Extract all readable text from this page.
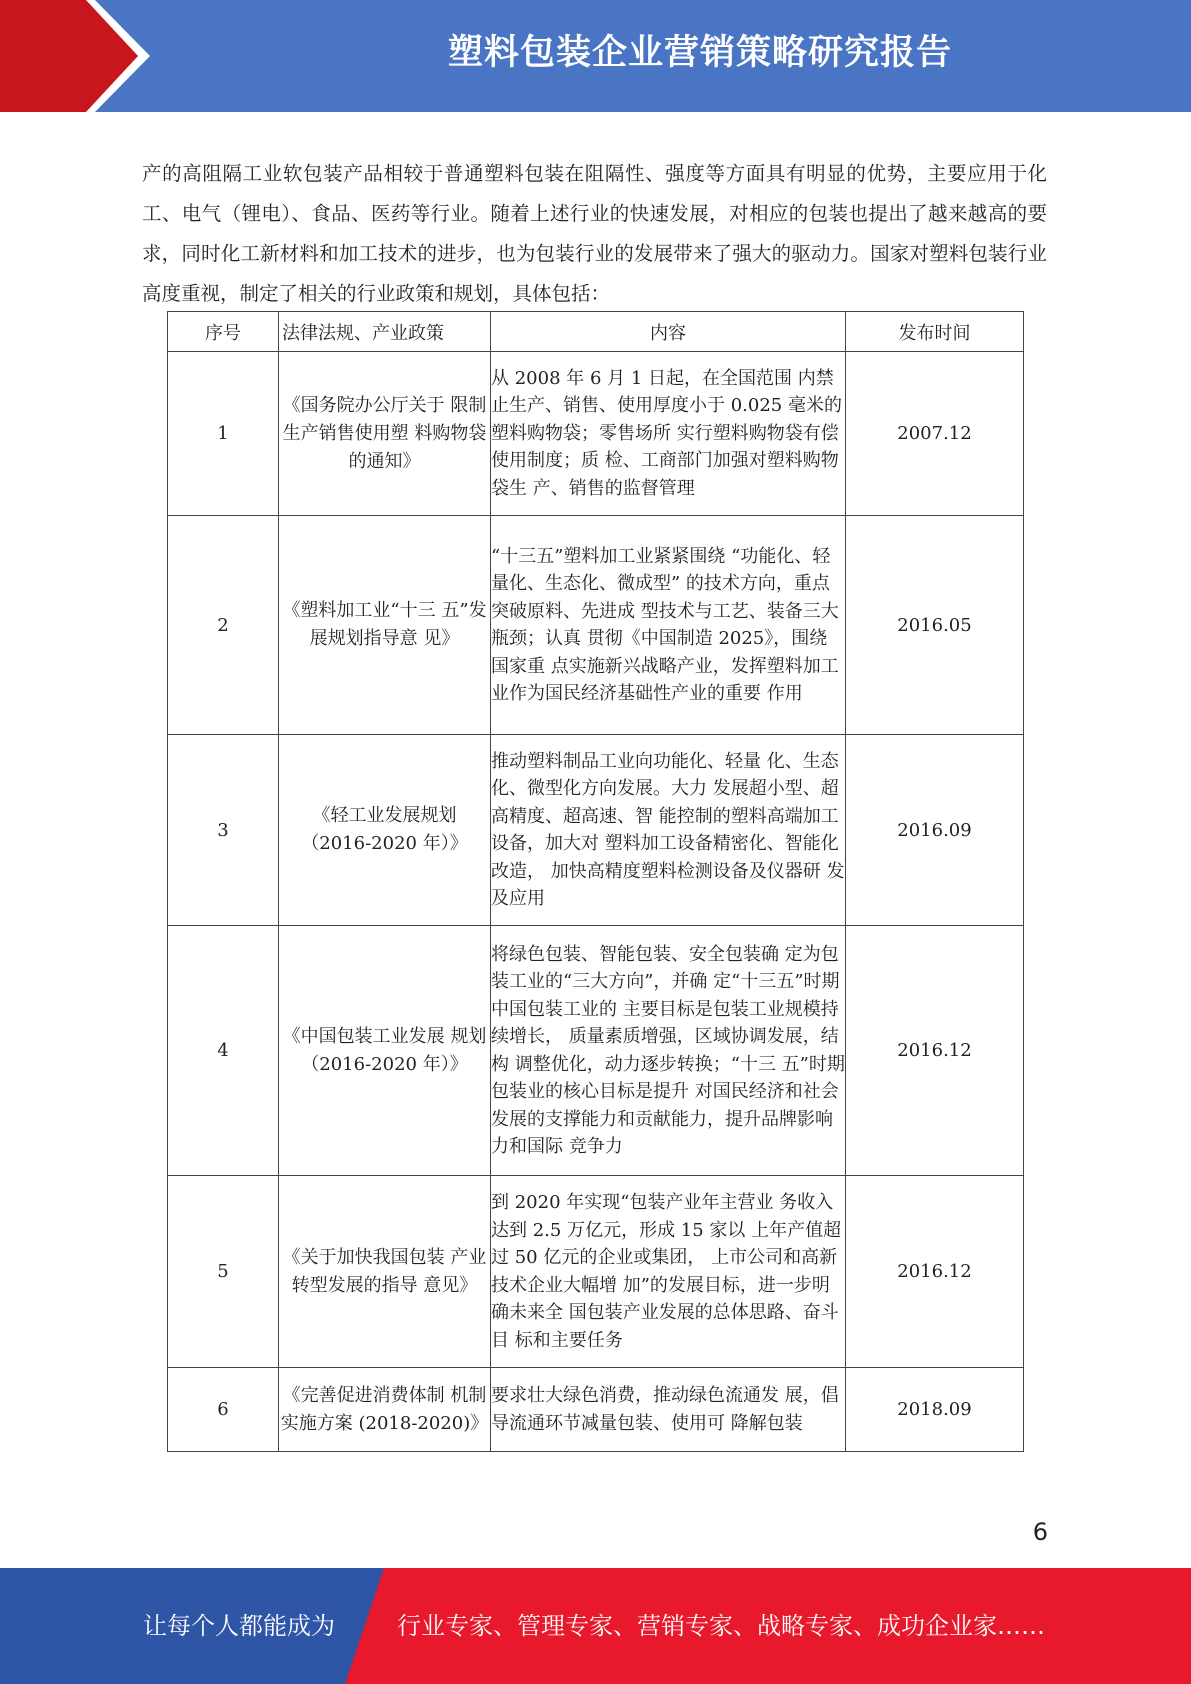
塑料包装企业营销策略研究报告

产的高阻隔工业软包装产品相较于普通塑料包装在阻隔性、强度等方面具有明显的优势，主要应用于化工、电气（锂电）、食品、医药等行业。随着上述行业的快速发展，对相应的包装也提出了越来越高的要求，同时化工新材料和加工技术的进步，也为包装行业的发展带来了强大的驱动力。国家对塑料包装行业高度重视，制定了相关的行业政策和规划，具体包括：

序号	法律法规、产业政策	内容	发布时间
1	《国务院办公厅关于 限制生产销售使用塑 料购物袋的通知》	从 2008 年 6 月 1 日起，在全国范围 内禁止生产、销售、使用厚度小于 0.025 毫米的塑料购物袋；零售场所 实行塑料购物袋有偿使用制度；质 检、工商部门加强对塑料购物袋生 产、销售的监督管理	2007.12
2	《塑料加工业“十三 五”发展规划指导意 见》	“十三五”塑料加工业紧紧围绕 “功能化、轻量化、生态化、微成型” 的技术方向，重点突破原料、先进成 型技术与工艺、装备三大瓶颈；认真 贯彻《中国制造 2025》，围绕国家重 点实施新兴战略产业，发挥塑料加工 业作为国民经济基础性产业的重要 作用	2016.05
3	《轻工业发展规划 （2016-2020 年）》	推动塑料制品工业向功能化、轻量 化、生态化、微型化方向发展。大力 发展超小型、超高精度、超高速、智 能控制的塑料高端加工设备，加大对 塑料加工设备精密化、智能化改造， 加快高精度塑料检测设备及仪器研 发及应用	2016.09
4	《中国包装工业发展 规划（2016-2020 年）》	将绿色包装、智能包装、安全包装确 定为包装工业的“三大方向”，并确 定“十三五”时期中国包装工业的 主要目标是包装工业规模持续增长， 质量素质增强，区域协调发展，结构 调整优化，动力逐步转换；“十三 五”时期包装业的核心目标是提升 对国民经济和社会发展的支撑能力和贡献能力，提升品牌影响力和国际 竞争力	2016.12
5	《关于加快我国包装 产业转型发展的指导 意见》	到 2020 年实现“包装产业年主营业 务收入达到 2.5 万亿元，形成 15 家以 上年产值超过 50 亿元的企业或集团， 上市公司和高新技术企业大幅增 加”的发展目标，进一步明确未来全 国包装产业发展的总体思路、奋斗目 标和主要任务	2016.12
6	《完善促进消费体制 机制实施方案 (2018-2020)》	要求壮大绿色消费，推动绿色流通发 展，倡导流通环节减量包装、使用可 降解包装	2018.09
6
让每个人都能成为	行业专家、管理专家、营销专家、战略专家、成功企业家……
